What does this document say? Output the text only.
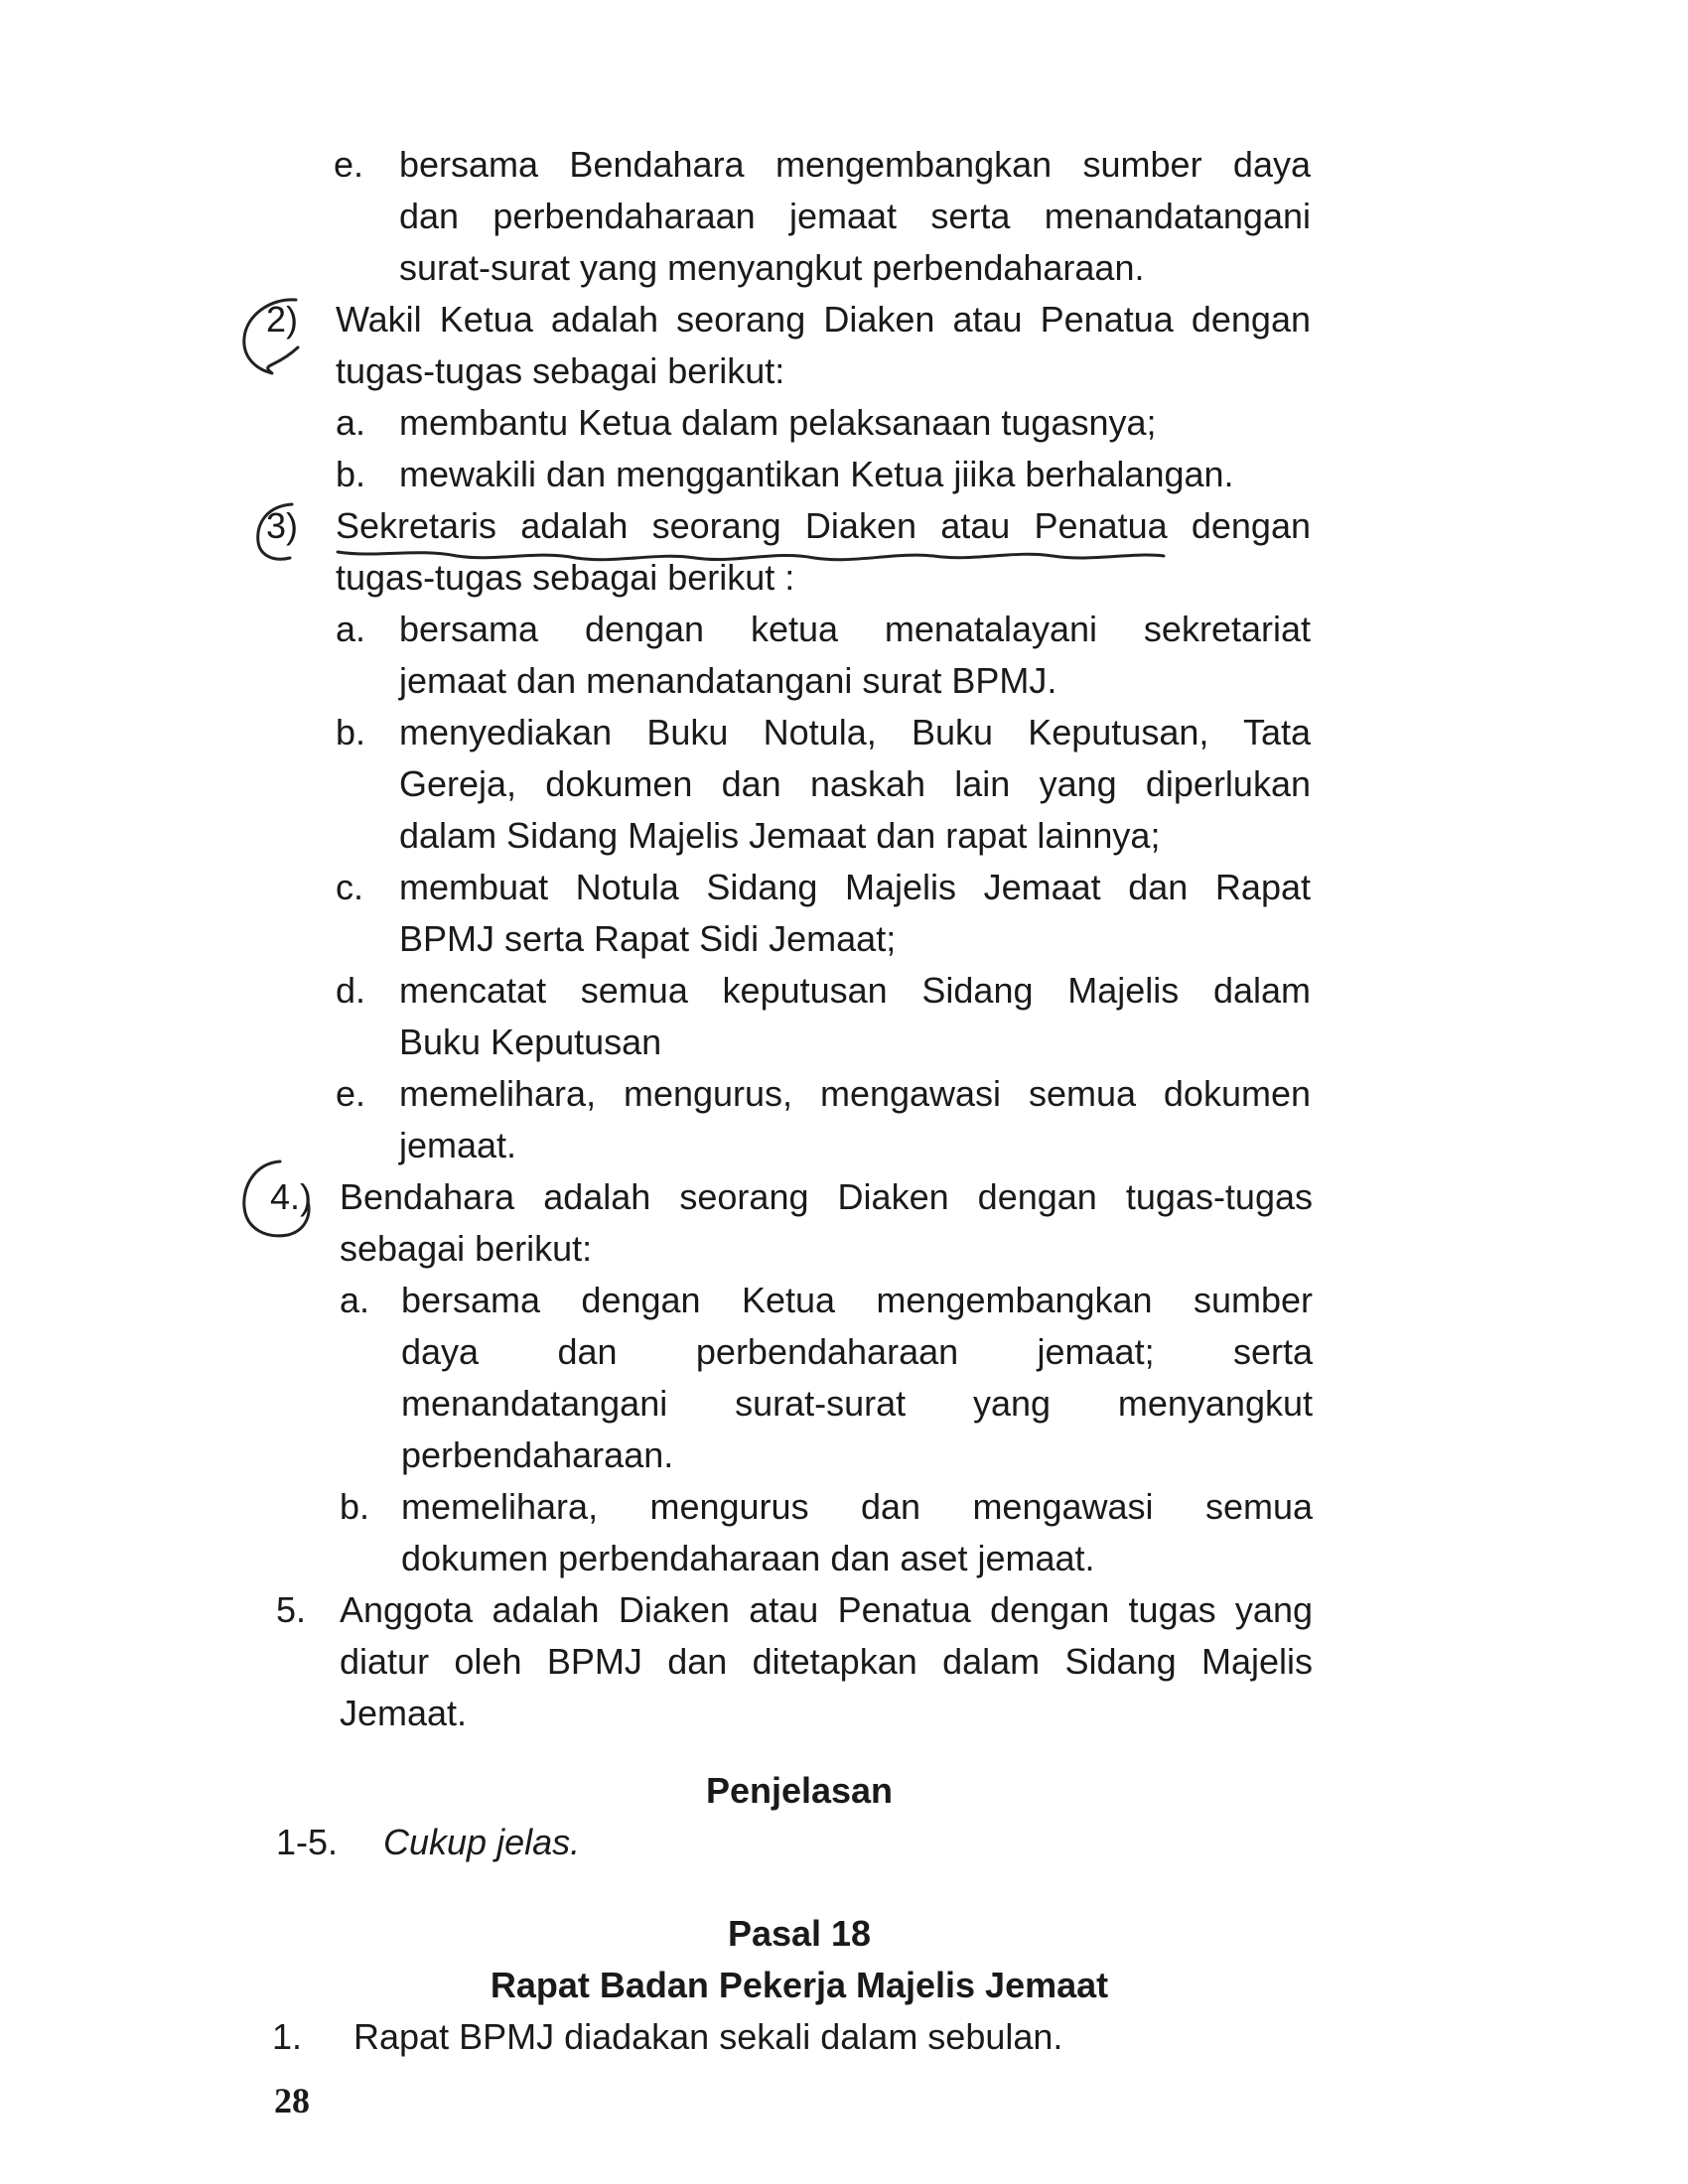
e. bersama Bendahara mengembangkan sumber daya
dan perbendaharaan jemaat serta menandatangani
surat-surat yang menyangkut perbendaharaan.
2) Wakil Ketua adalah seorang Diaken atau Penatua dengan
tugas-tugas sebagai berikut:
a. membantu Ketua dalam pelaksanaan tugasnya;
b. mewakili dan menggantikan Ketua jiika berhalangan.
3) Sekretaris adalah seorang Diaken atau Penatua dengan
tugas-tugas sebagai berikut :
a. bersama dengan ketua menatalayani sekretariat
jemaat dan menandatangani surat BPMJ.
b. menyediakan Buku Notula, Buku Keputusan, Tata
Gereja, dokumen dan naskah lain yang diperlukan
dalam Sidang Majelis Jemaat dan rapat lainnya;
c. membuat Notula Sidang Majelis Jemaat dan Rapat
BPMJ serta Rapat Sidi Jemaat;
d. mencatat semua keputusan Sidang Majelis dalam
Buku Keputusan
e. memelihara, mengurus, mengawasi semua dokumen
jemaat.
4.) Bendahara adalah seorang Diaken dengan tugas-tugas
sebagai berikut:
a. bersama dengan Ketua mengembangkan sumber
daya dan perbendaharaan jemaat; serta
menandatangani surat-surat yang menyangkut
perbendaharaan.
b. memelihara, mengurus dan mengawasi semua
dokumen perbendaharaan dan aset jemaat.
5. Anggota adalah Diaken atau Penatua dengan tugas yang
diatur oleh BPMJ dan ditetapkan dalam Sidang Majelis
Jemaat.
Penjelasan
1-5. Cukup jelas.
Pasal 18
Rapat Badan Pekerja Majelis Jemaat
1. Rapat BPMJ diadakan sekali dalam sebulan.
28
